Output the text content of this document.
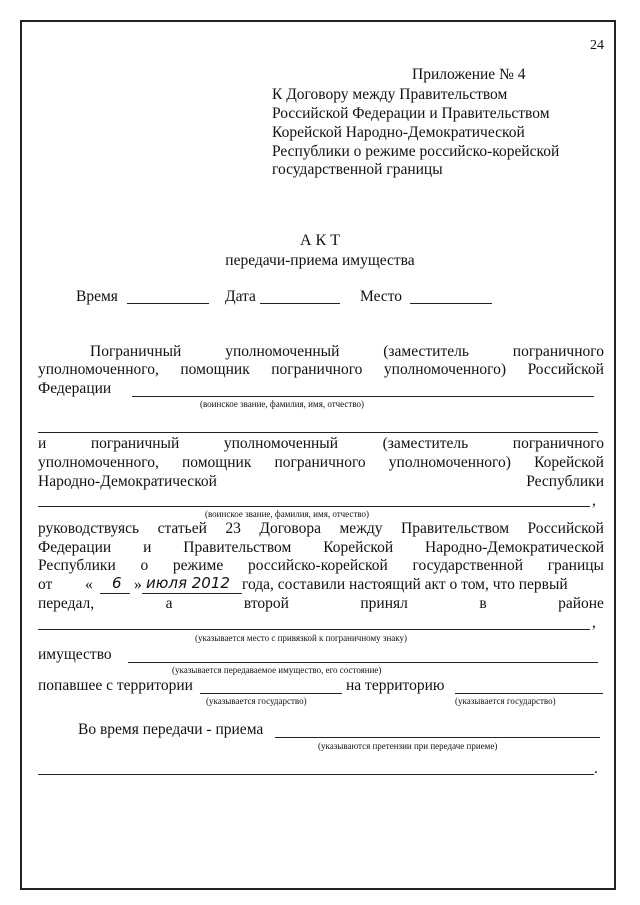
24
Приложение № 4
К Договору между Правительством
Российской Федерации и Правительством
Корейской Народно-Демократической
Республики о режиме российско-корейской
государственной границы
А К Т
передачи-приема имущества
Время	Дата	Место
Пограничный	уполномоченный	(заместитель	пограничного
уполномоченного, помощник пограничного уполномоченного) Российской
Федерации
(воинское звание, фамилия, имя, отчество)
и	пограничный	уполномоченный	(заместитель	пограничного
уполномоченного, помощник пограничного уполномоченного) Корейской
Народно-Демократической	Республики
,
(воинское звание, фамилия, имя, отчество)
руководствуясь статьей 23 Договора между Правительством Российской
Федерации и Правительством Корейской Народно-Демократической
Республики о режиме российско-корейской государственной границы
от « 6 » июля 2012 года, составили настоящий акт о том, что первый
передал,	а	второй	принял	в	районе
,
(указывается место с привязкой к пограничному знаку)
имущество
(указывается передаваемое имущество, его состояние)
попавшее с территории	на территорию
(указывается государство)	(указывается государство)
Во время передачи - приема
(указываются претензии при передаче приеме)
.
